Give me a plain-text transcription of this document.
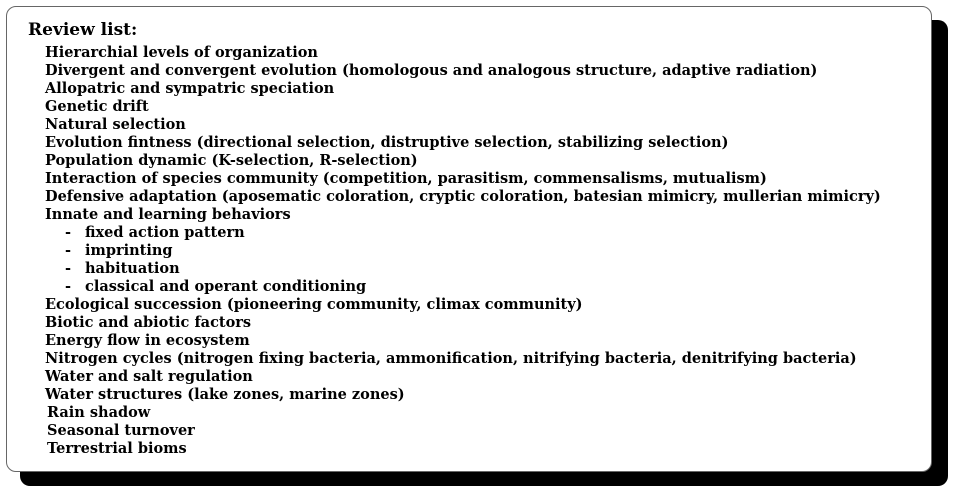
Review list:
Hierarchial levels of organization
Divergent and convergent evolution (homologous and analogous structure, adaptive radiation)
Allopatric and sympatric speciation
Genetic drift
Natural selection
Evolution fintness (directional selection, distruptive selection, stabilizing selection)
Population dynamic (K-selection, R-selection)
Interaction of species community (competition, parasitism, commensalisms, mutualism)
Defensive adaptation (aposematic coloration, cryptic coloration, batesian mimicry, mullerian mimicry)
Innate and learning behaviors
- fixed action pattern
- imprinting
- habituation
- classical and operant conditioning
Ecological succession (pioneering community, climax community)
Biotic and abiotic factors
Energy flow in ecosystem
Nitrogen cycles (nitrogen fixing bacteria, ammonification, nitrifying bacteria, denitrifying bacteria)
Water and salt regulation
Water structures (lake zones, marine zones)
Rain shadow
Seasonal turnover
Terrestrial bioms
